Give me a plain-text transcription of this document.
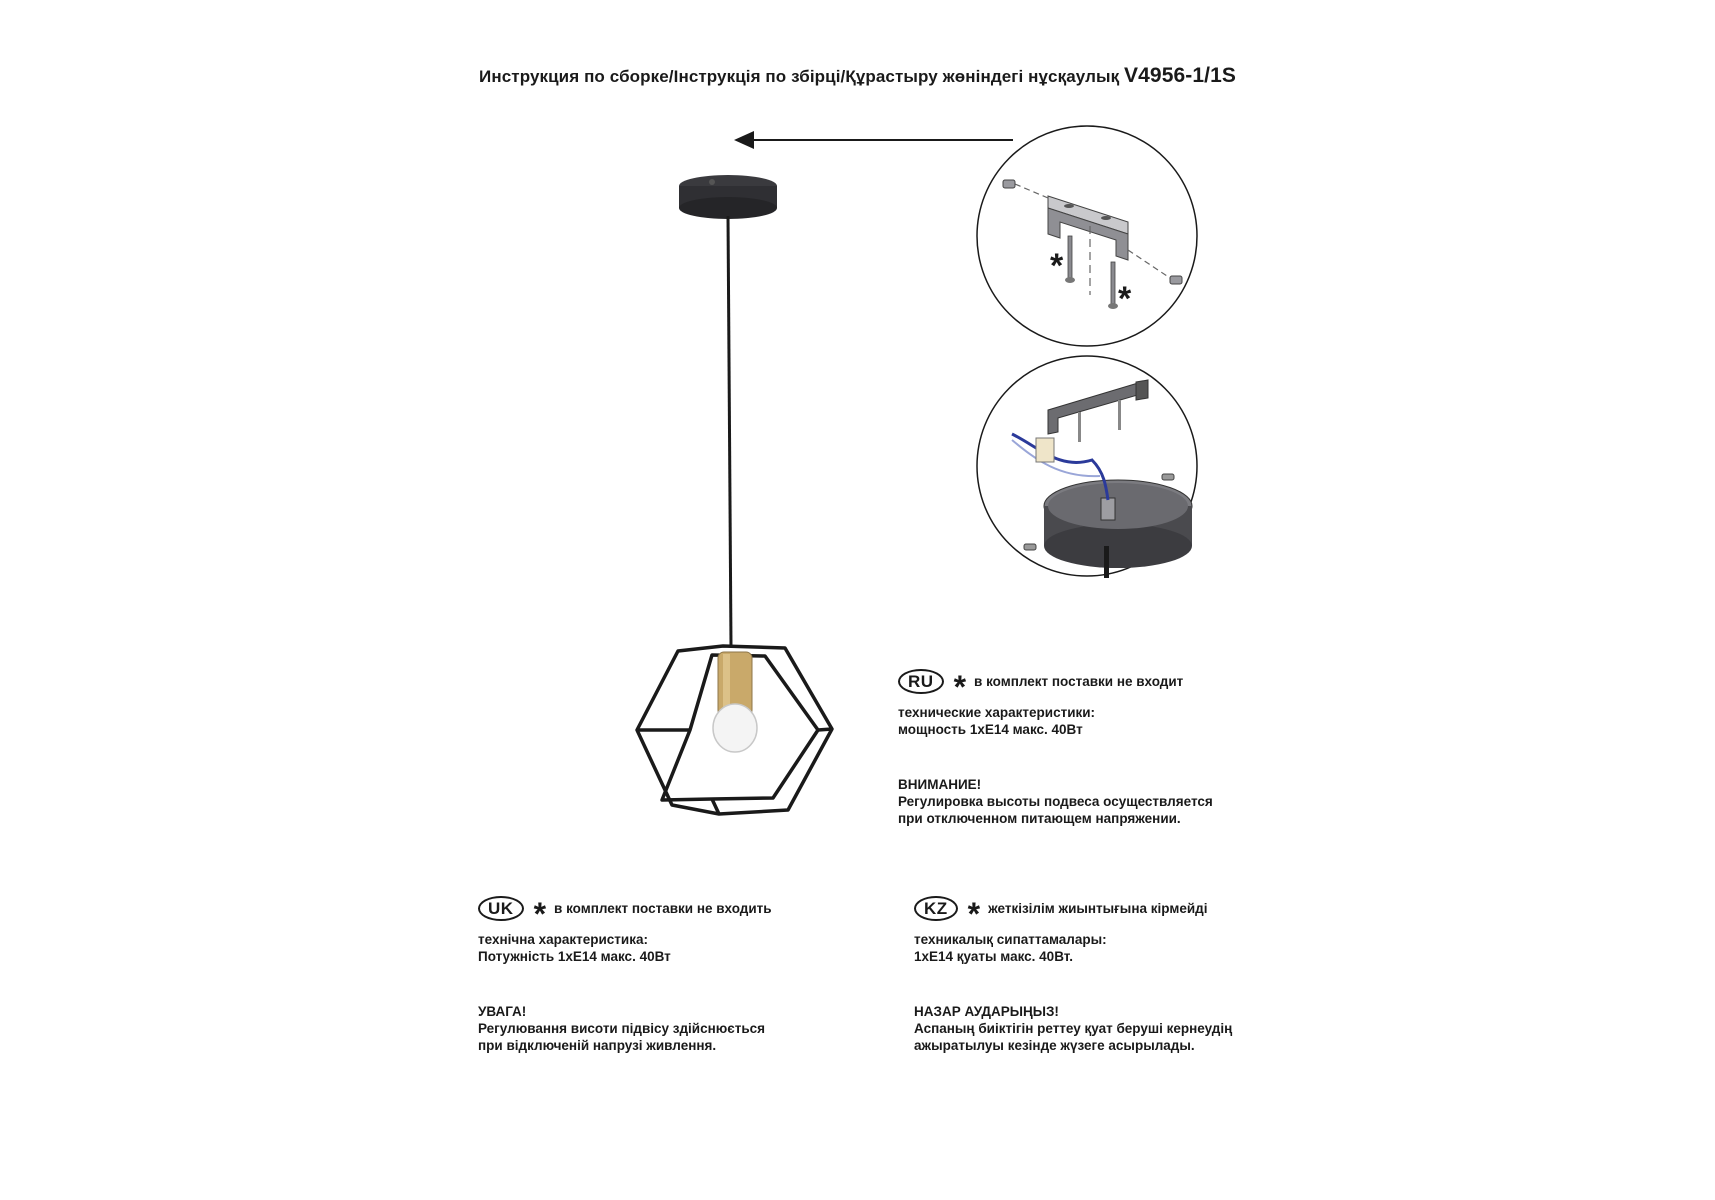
Инструкция по сборке/Інструкція по збірці/Құрастыру жөніндегі нұсқаулық V4956-1/1S
*
*
RU * в комплект поставки не входит

технические характеристики:

мощность 1хE14 макс. 40Вт

ВНИМАНИЕ!

Регулировка высоты подвеса осуществляется

при отключенном питающем напряжении.

UK * в комплект поставки не входить

технічна характеристика:

Потужність 1хE14 макс. 40Вт

УВАГА!

Регулювання висоти підвісу здійснюється

при відключеній напрузі живлення.

KZ * жеткізілім жиынтығына кірмейді

техникалық сипаттамалары:

1хE14 қуаты макс. 40Вт.

НАЗАР АУДАРЫҢЫЗ!

Аспаның биіктігін реттеу қуат беруші кернеудің

ажыратылуы кезінде жүзеге асырылады.
